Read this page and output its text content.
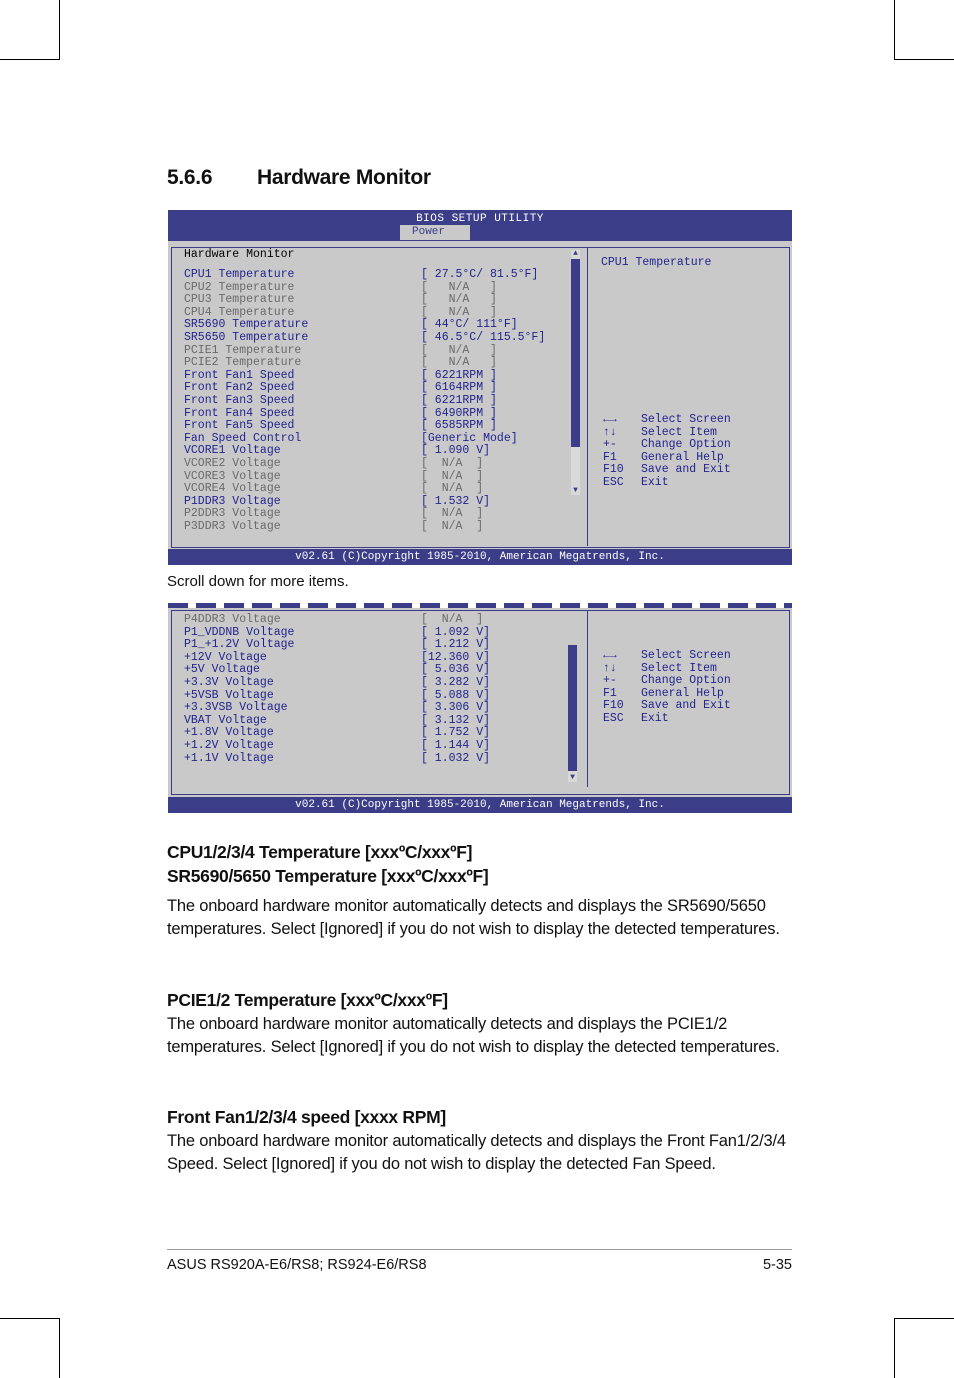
5.6.6 Hardware Monitor
BIOS SETUP UTILITY
Power
Hardware Monitor
CPU1 Temperature	[ 27.5°C/ 81.5°F]
CPU2 Temperature	[   N/A   ]
CPU3 Temperature	[   N/A   ]
CPU4 Temperature	[   N/A   ]
SR5690 Temperature	[ 44°C/ 111°F]
SR5650 Temperature	[ 46.5°C/ 115.5°F]
PCIE1 Temperature	[   N/A   ]
PCIE2 Temperature	[   N/A   ]
Front Fan1 Speed	[ 6221RPM ]
Front Fan2 Speed	[ 6164RPM ]
Front Fan3 Speed	[ 6221RPM ]
Front Fan4 Speed	[ 6490RPM ]
Front Fan5 Speed	[ 6585RPM ]
Fan Speed Control	[Generic Mode]
VCORE1 Voltage	[ 1.090 V]
VCORE2 Voltage	[  N/A  ]
VCORE3 Voltage	[  N/A  ]
VCORE4 Voltage	[  N/A  ]
P1DDR3 Voltage	[ 1.532 V]
P2DDR3 Voltage	[  N/A  ]
P3DDR3 Voltage	[  N/A  ]
▲
▼
CPU1 Temperature
←→ Select Screen
↑↓ Select Item
+- Change Option
F1 General Help
F10 Save and Exit
ESC Exit
v02.61 (C)Copyright 1985-2010, American Megatrends, Inc.
Scroll down for more items.
P4DDR3 Voltage	[  N/A  ]
P1_VDDNB Voltage	[ 1.092 V]
P1_+1.2V Voltage	[ 1.212 V]
+12V Voltage	[12.360 V]
+5V Voltage	[ 5.036 V]
+3.3V Voltage	[ 3.282 V]
+5VSB Voltage	[ 5.088 V]
+3.3VSB Voltage	[ 3.306 V]
VBAT Voltage	[ 3.132 V]
+1.8V Voltage	[ 1.752 V]
+1.2V Voltage	[ 1.144 V]
+1.1V Voltage	[ 1.032 V]
▼
←→ Select Screen
↑↓ Select Item
+- Change Option
F1 General Help
F10 Save and Exit
ESC Exit
v02.61 (C)Copyright 1985-2010, American Megatrends, Inc.
CPU1/2/3/4 Temperature [xxxºC/xxxºF]
SR5690/5650 Temperature [xxxºC/xxxºF]

The onboard hardware monitor automatically detects and displays the SR5690/5650 temperatures. Select [Ignored] if you do not wish to display the detected temperatures.

PCIE1/2 Temperature [xxxºC/xxxºF]

The onboard hardware monitor automatically detects and displays the PCIE1/2 temperatures. Select [Ignored] if you do not wish to display the detected temperatures.

Front Fan1/2/3/4 speed [xxxx RPM]

The onboard hardware monitor automatically detects and displays the Front Fan1/2/3/4 Speed. Select [Ignored] if you do not wish to display the detected Fan Speed.

ASUS RS920A-E6/RS8; RS924-E6/RS8	5-35
